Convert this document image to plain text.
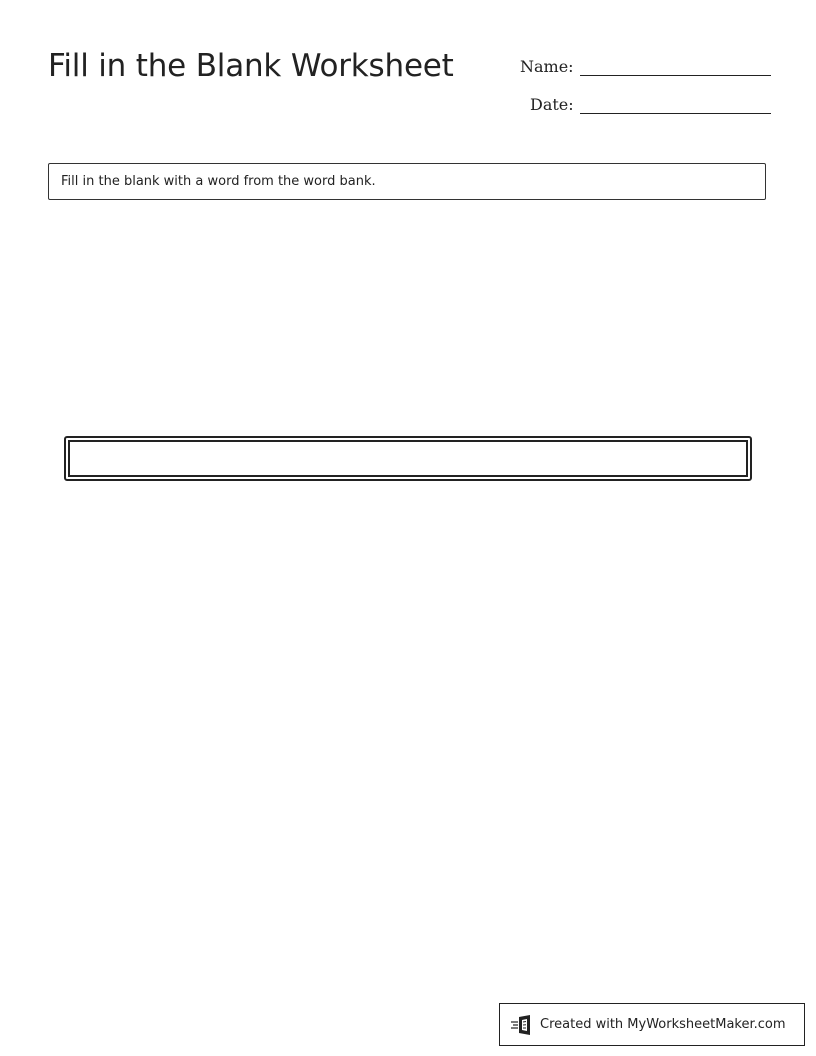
Fill in the Blank Worksheet	Name:
Date:
Fill in the blank with a word from the word bank.
Created with MyWorksheetMaker.com
